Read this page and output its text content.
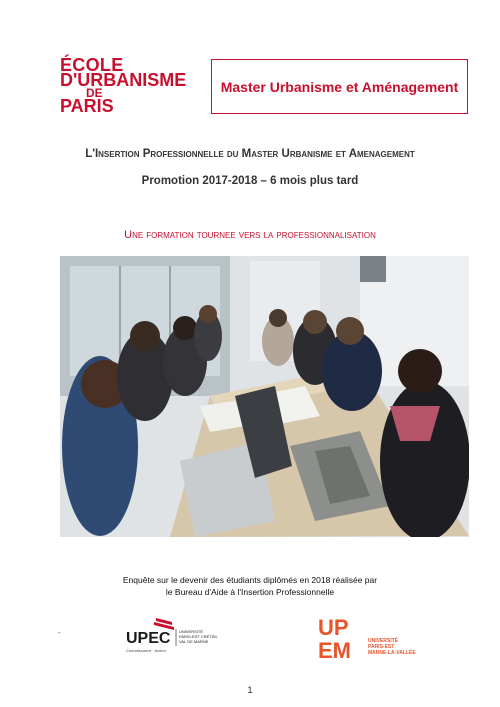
ÉCOLE
D'URBANISME
DE
PARIS
Master Urbanisme et Aménagement
L'Insertion Professionnelle du Master Urbanisme et Amenagement
Promotion 2017-2018 – 6 mois plus tard
Une formation tournee vers la professionnalisation
Enquête sur le devenir des étudiants diplômés en 2018 réalisée par
le Bureau d'Aide à l'Insertion Professionnelle
-	UPEC UNIVERSITÉ
PARIS-EST CRÉTEIL
VAL DE MARNE
Connaissance · Action
UP
EM	UNIVERSITÉ
PARIS-EST
MARNE-LA-VALLÉE
1
